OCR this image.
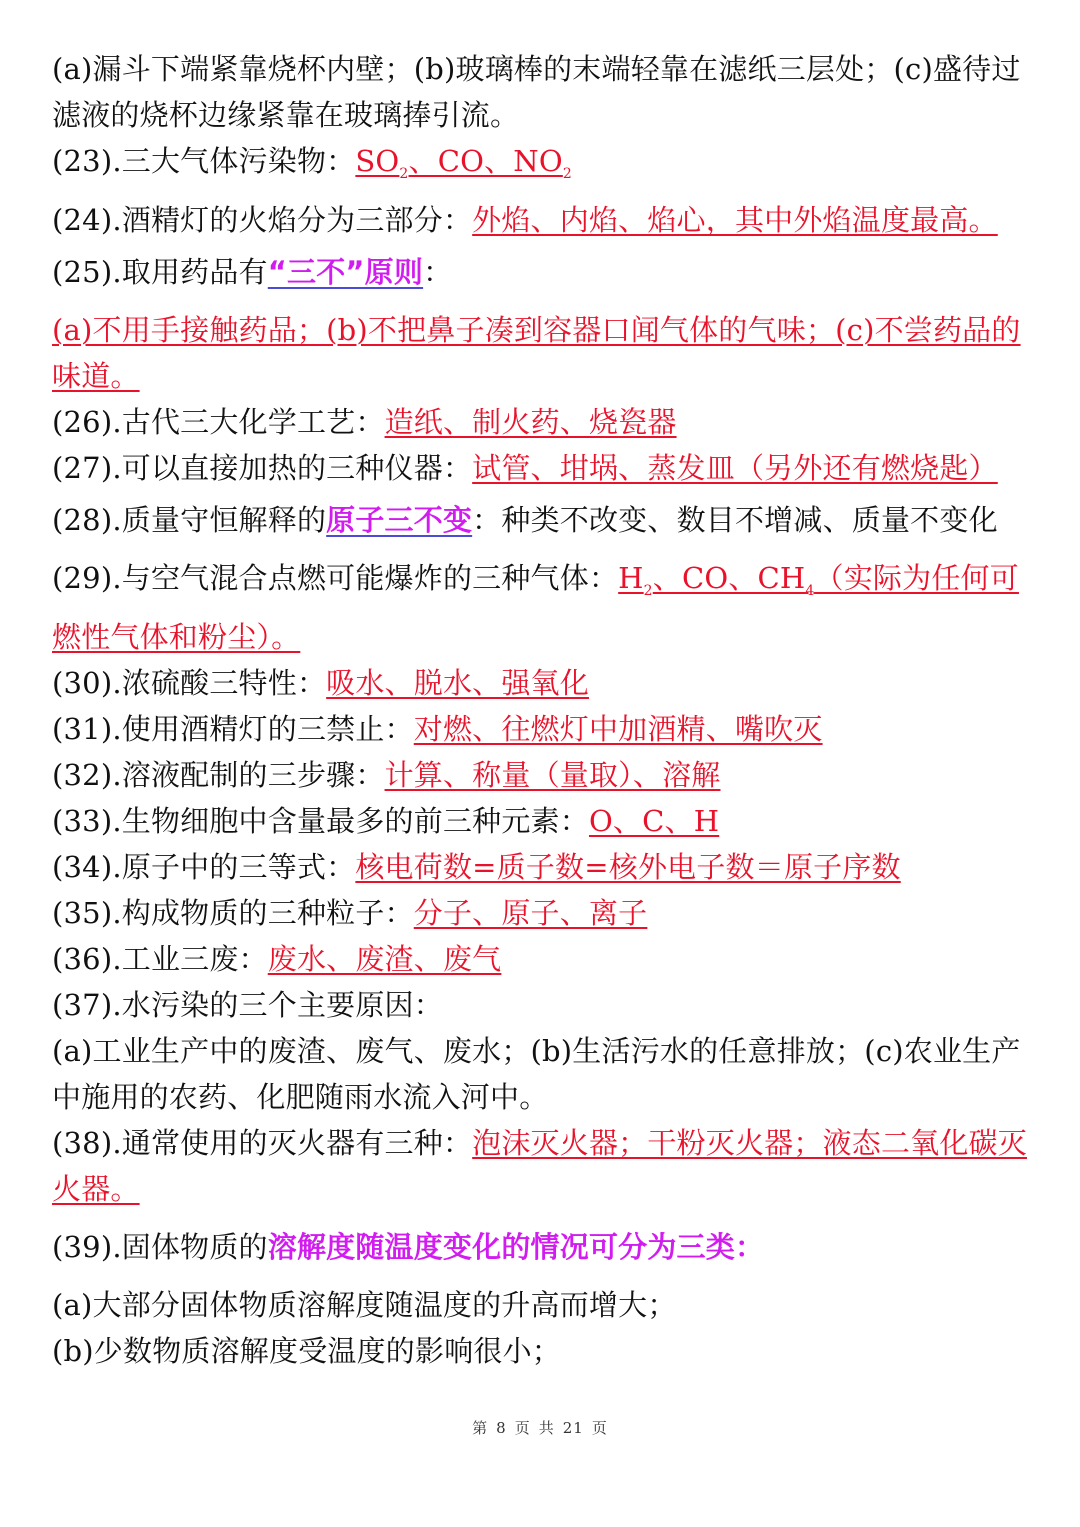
(a)漏斗下端紧靠烧杯内壁；(b)玻璃棒的末端轻靠在滤纸三层处；(c)盛待过滤液的烧杯边缘紧靠在玻璃捧引流。
(23).三大气体污染物：$SO_2$、CO、$NO_2$
(24).酒精灯的火焰分为三部分：外焰、内焰、焰心，其中外焰温度最高。
(25).取用药品有“三不”原则：
(a)不用手接触药品；(b)不把鼻子凑到容器口闻气体的气味；(c)不尝药品的味道。
(26).古代三大化学工艺：造纸、制火药、烧瓷器
(27).可以直接加热的三种仪器：试管、坩埚、蒸发皿（另外还有燃烧匙）
(28).质量守恒解释的原子三不变：种类不改变、数目不增减、质量不变化
(29).与空气混合点燃可能爆炸的三种气体：$H_2$、CO、$CH_4$（实际为任何可燃性气体和粉尘）。
(30).浓硫酸三特性：吸水、脱水、强氧化
(31).使用酒精灯的三禁止：对燃、往燃灯中加酒精、嘴吹灭
(32).溶液配制的三步骤：计算、称量（量取）、溶解
(33).生物细胞中含量最多的前三种元素：O、C、H
(34).原子中的三等式：核电荷数=质子数=核外电子数＝原子序数
(35).构成物质的三种粒子：分子、原子、离子
(36).工业三废：废水、废渣、废气
(37).水污染的三个主要原因：
(a)工业生产中的废渣、废气、废水；(b)生活污水的任意排放；(c)农业生产中施用的农药、化肥随雨水流入河中。
(38).通常使用的灭火器有三种：泡沫灭火器；干粉灭火器；液态二氧化碳灭火器。
(39).固体物质的溶解度随温度变化的情况可分为三类：
(a)大部分固体物质溶解度随温度的升高而增大；
(b)少数物质溶解度受温度的影响很小；
第 8 页 共 21 页
